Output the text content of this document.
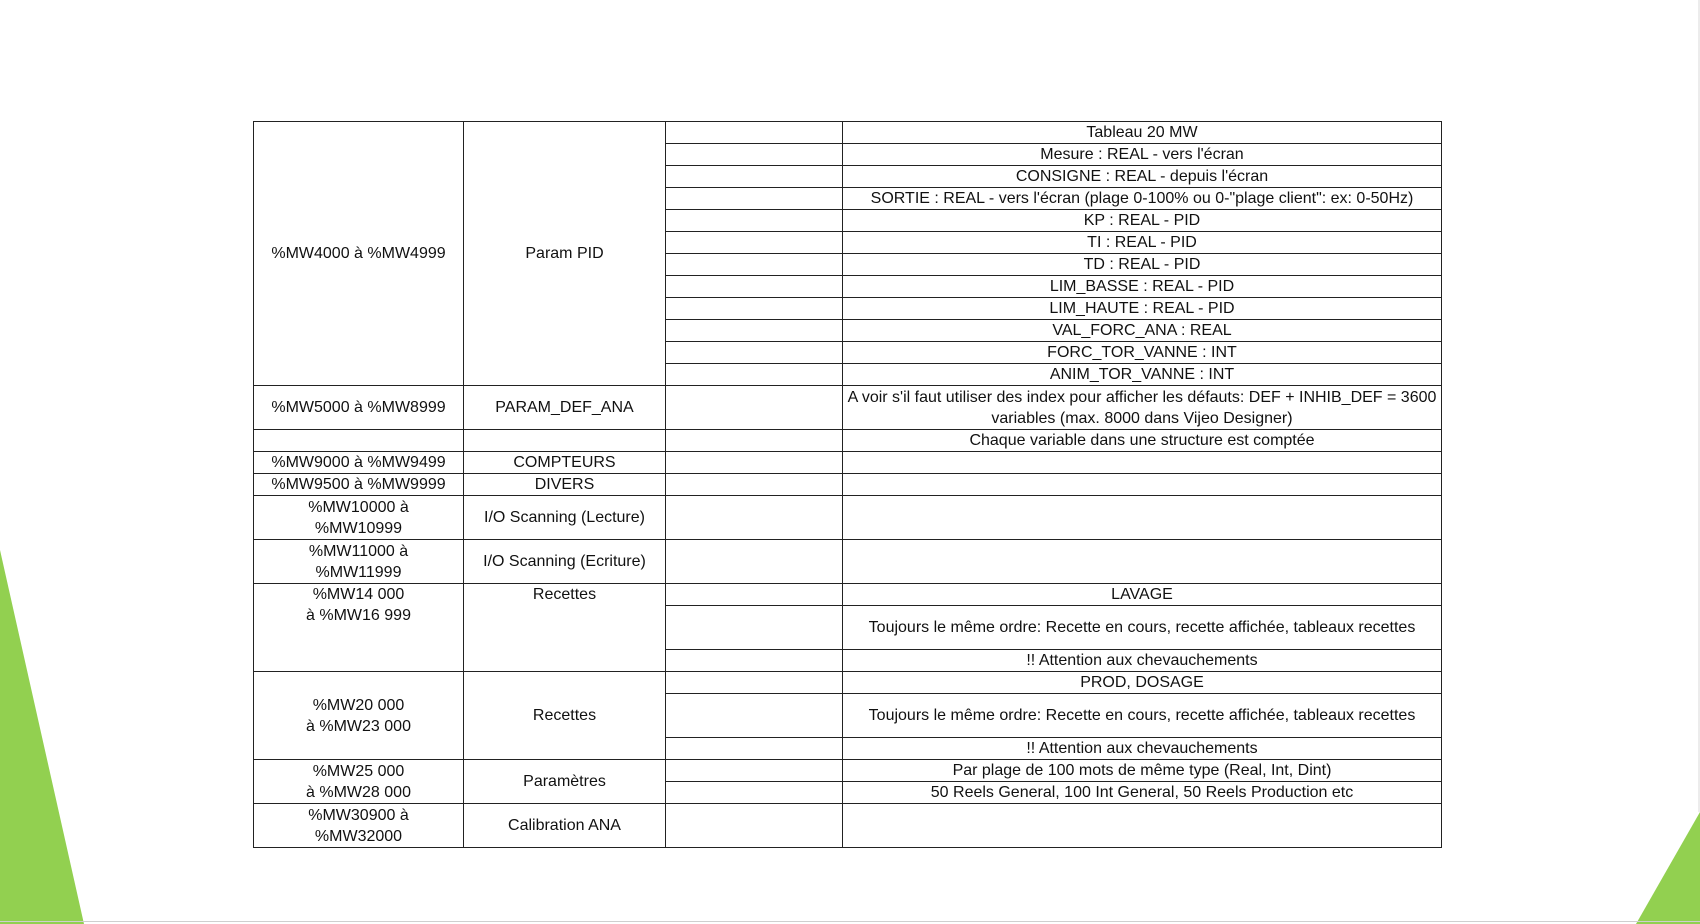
%MW4000 à %MW4999	Param PID		Tableau 20 MW
			Mesure : REAL - vers l'écran
			CONSIGNE : REAL - depuis l'écran
			SORTIE : REAL - vers l'écran (plage 0-100% ou 0-"plage client": ex: 0-50Hz)
			KP : REAL - PID
			TI : REAL - PID
			TD : REAL - PID
			LIM_BASSE : REAL - PID
			LIM_HAUTE : REAL - PID
			VAL_FORC_ANA : REAL
			FORC_TOR_VANNE : INT
			ANIM_TOR_VANNE : INT
%MW5000 à %MW8999	PARAM_DEF_ANA		A voir s'il faut utiliser des index pour afficher les défauts: DEF + INHIB_DEF = 3600 variables (max. 8000 dans Vijeo Designer)
			Chaque variable dans une structure est comptée
%MW9000 à %MW9499	COMPTEURS		
%MW9500 à %MW9999	DIVERS		
%MW10000 à
%MW10999	I/O Scanning (Lecture)		
%MW11000 à
%MW11999	I/O Scanning (Ecriture)		
%MW14 000
à %MW16 999	Recettes		LAVAGE
			Toujours le même ordre: Recette en cours, recette affichée, tableaux recettes
			!! Attention aux chevauchements
%MW20 000
à %MW23 000	Recettes		PROD, DOSAGE
			Toujours le même ordre: Recette en cours, recette affichée, tableaux recettes
			!! Attention aux chevauchements
%MW25 000
à %MW28 000	Paramètres		Par plage de 100 mots de même type (Real, Int, Dint)
			50 Reels General, 100 Int General, 50 Reels Production etc
%MW30900 à
%MW32000	Calibration ANA		
